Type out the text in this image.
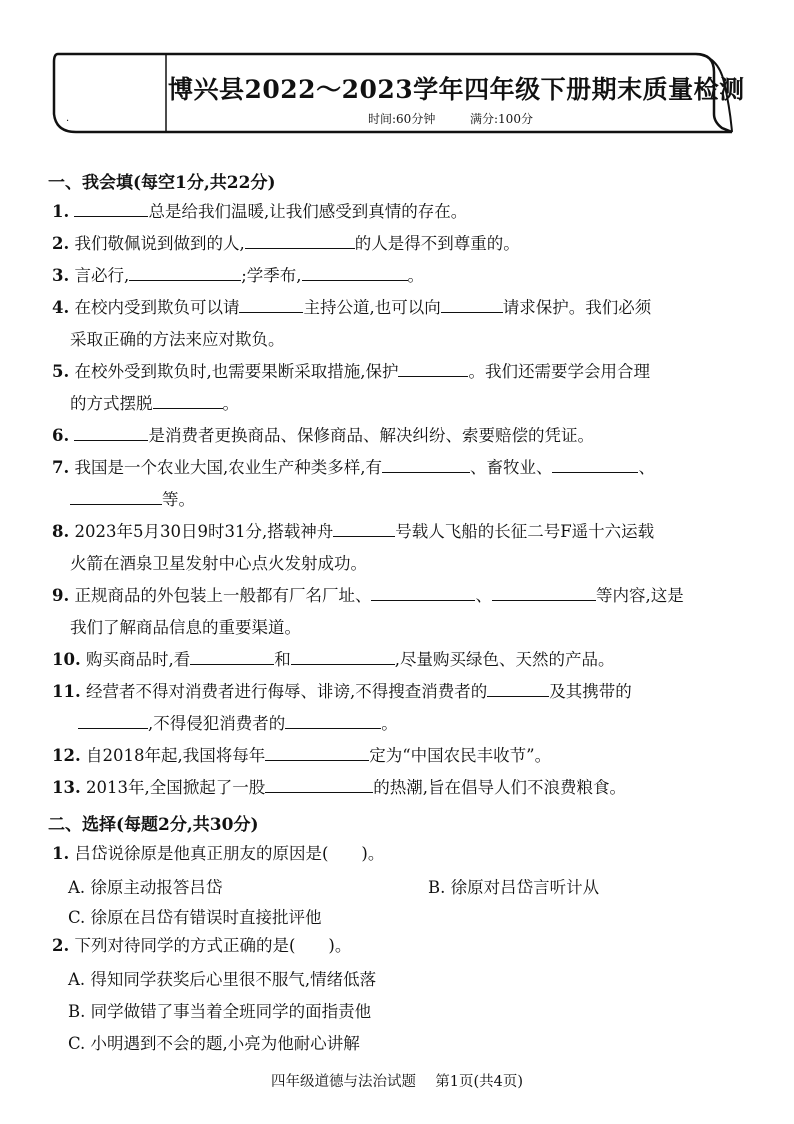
·
博兴县2022～2023学年四年级下册期末质量检测
时间:60分钟	满分:100分
一、我会填(每空1分,共22分)
1.	总是给我们温暖,让我们感受到真情的存在。
2. 我们敬佩说到做到的人,	的人是得不到尊重的。
3. 言必行,	;学季布,	。
4. 在校内受到欺负可以请	主持公道,也可以向	请求保护。我们必须
采取正确的方法来应对欺负。
5. 在校外受到欺负时,也需要果断采取措施,保护	。我们还需要学会用合理
的方式摆脱	。
6.	是消费者更换商品、保修商品、解决纠纷、索要赔偿的凭证。
7. 我国是一个农业大国,农业生产种类多样,有	、畜牧业、	、
等。
8. 2023年5月30日9时31分,搭载神舟	号载人飞船的长征二号F遥十六运载
火箭在酒泉卫星发射中心点火发射成功。
9. 正规商品的外包装上一般都有厂名厂址、	、	等内容,这是
我们了解商品信息的重要渠道。
10. 购买商品时,看	和	,尽量购买绿色、天然的产品。
11. 经营者不得对消费者进行侮辱、诽谤,不得搜查消费者的	及其携带的
,不得侵犯消费者的	。
12. 自2018年起,我国将每年	定为“中国农民丰收节”。
13. 2013年,全国掀起了一股	的热潮,旨在倡导人们不浪费粮食。
二、选择(每题2分,共30分)
1. 吕岱说徐原是他真正朋友的原因是(　　)。
A. 徐原主动报答吕岱	B. 徐原对吕岱言听计从
C. 徐原在吕岱有错误时直接批评他
2. 下列对待同学的方式正确的是(　　)。
A. 得知同学获奖后心里很不服气,情绪低落
B. 同学做错了事当着全班同学的面指责他
C. 小明遇到不会的题,小亮为他耐心讲解
四年级道德与法治试题 第1页(共4页)
